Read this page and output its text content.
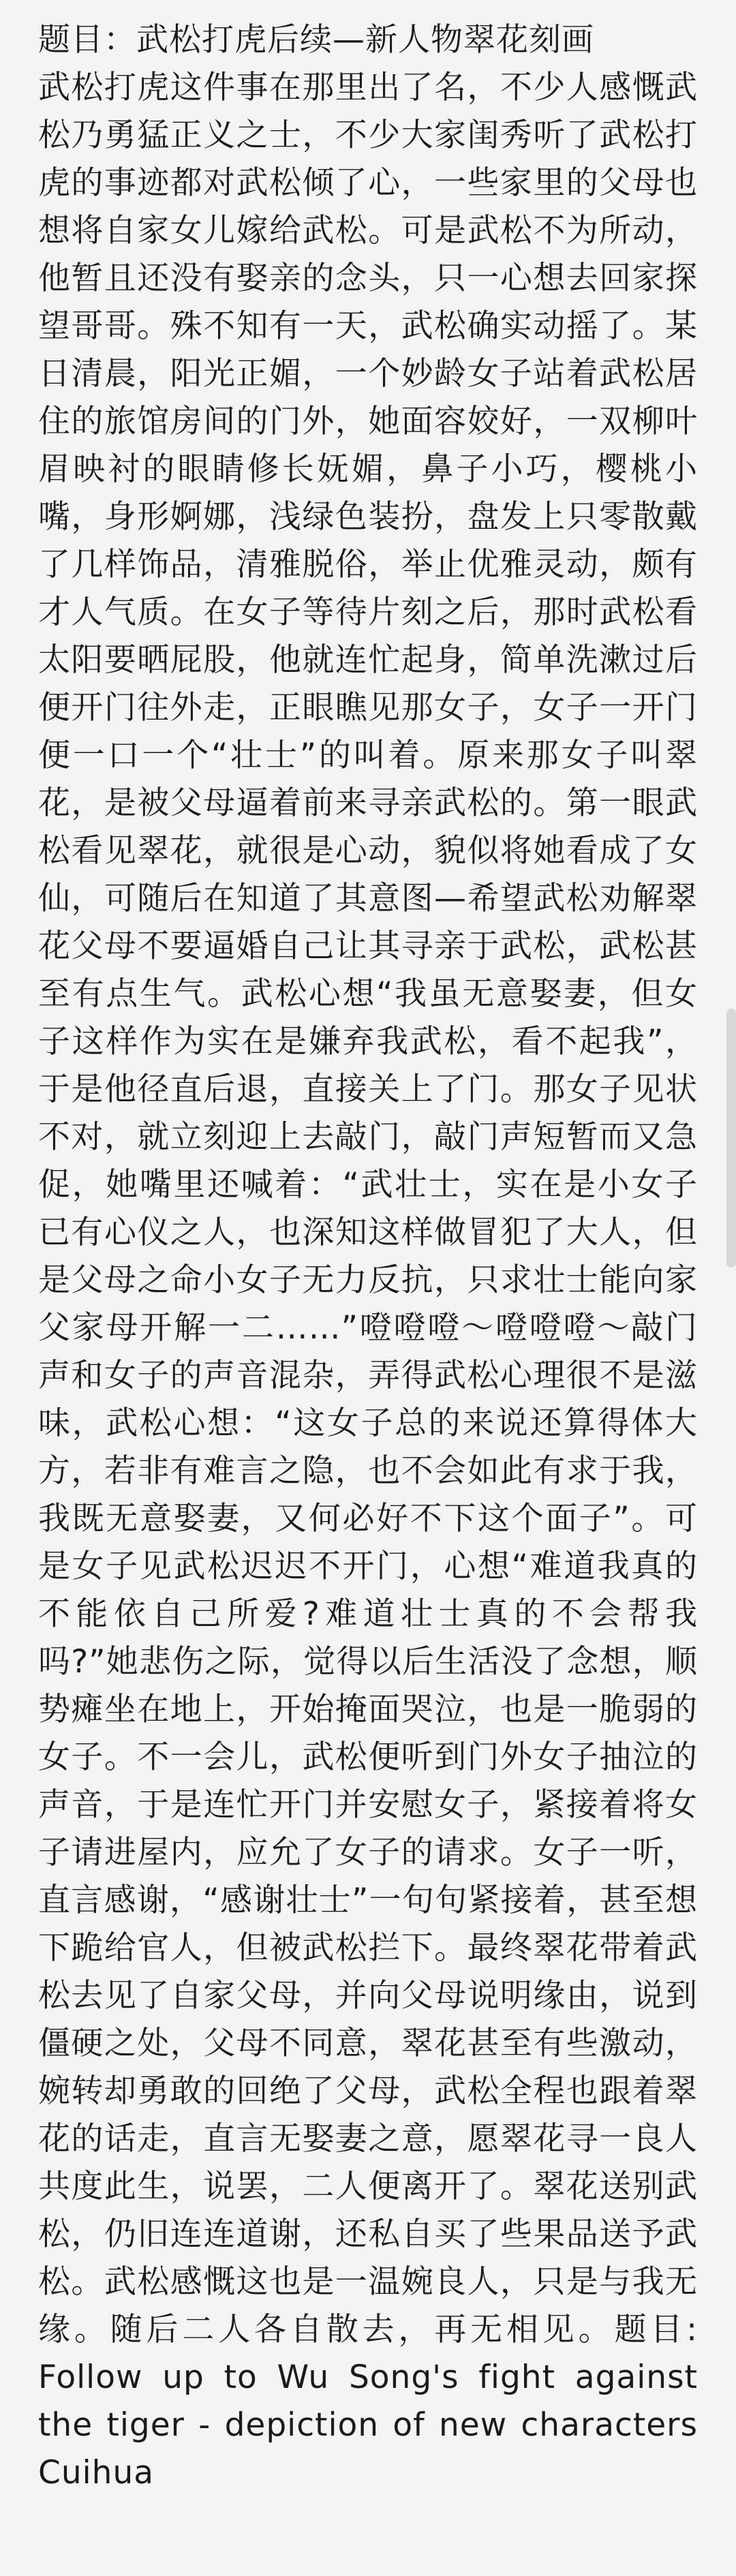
题目：武松打虎后续—新人物翠花刻画

武松打虎这件事在那里出了名，不少人感慨武松乃勇猛正义之士，不少大家闺秀听了武松打虎的事迹都对武松倾了心，一些家里的父母也想将自家女儿嫁给武松。可是武松不为所动，他暂且还没有娶亲的念头，只一心想去回家探望哥哥。殊不知有一天，武松确实动摇了。某日清晨，阳光正媚，一个妙龄女子站着武松居住的旅馆房间的门外，她面容姣好，一双柳叶眉映衬的眼睛修长妩媚，鼻子小巧，樱桃小嘴，身形婀娜，浅绿色装扮，盘发上只零散戴了几样饰品，清雅脱俗，举止优雅灵动，颇有才人气质。在女子等待片刻之后，那时武松看太阳要晒屁股，他就连忙起身，简单洗漱过后便开门往外走，正眼瞧见那女子，女子一开门便一口一个“壮士”的叫着。原来那女子叫翠花，是被父母逼着前来寻亲武松的。第一眼武松看见翠花，就很是心动，貌似将她看成了女仙，可随后在知道了其意图—希望武松劝解翠花父母不要逼婚自己让其寻亲于武松，武松甚至有点生气。武松心想“我虽无意娶妻，但女子这样作为实在是嫌弃我武松，看不起我”，于是他径直后退，直接关上了门。那女子见状不对，就立刻迎上去敲门，敲门声短暂而又急促，她嘴里还喊着：“武壮士，实在是小女子已有心仪之人，也深知这样做冒犯了大人，但是父母之命小女子无力反抗，只求壮士能向家父家母开解一二……”噔噔噔～噔噔噔～敲门声和女子的声音混杂，弄得武松心理很不是滋味，武松心想：“这女子总的来说还算得体大方，若非有难言之隐，也不会如此有求于我，我既无意娶妻，又何必好不下这个面子”。可是女子见武松迟迟不开门，心想“难道我真的不能依自己所爱?难道壮士真的不会帮我吗?”她悲伤之际，觉得以后生活没了念想，顺势瘫坐在地上，开始掩面哭泣，也是一脆弱的女子。不一会儿，武松便听到门外女子抽泣的声音，于是连忙开门并安慰女子，紧接着将女子请进屋内，应允了女子的请求。女子一听，直言感谢，“感谢壮士”一句句紧接着，甚至想下跪给官人，但被武松拦下。最终翠花带着武松去见了自家父母，并向父母说明缘由，说到僵硬之处，父母不同意，翠花甚至有些激动，婉转却勇敢的回绝了父母，武松全程也跟着翠花的话走，直言无娶妻之意，愿翠花寻一良人共度此生，说罢，二人便离开了。翠花送别武松，仍旧连连道谢，还私自买了些果品送予武松。武松感慨这也是一温婉良人，只是与我无缘。随后二人各自散去，再无相见。题目: Follow up to Wu Song's fight against the tiger - depiction of new characters Cuihua
